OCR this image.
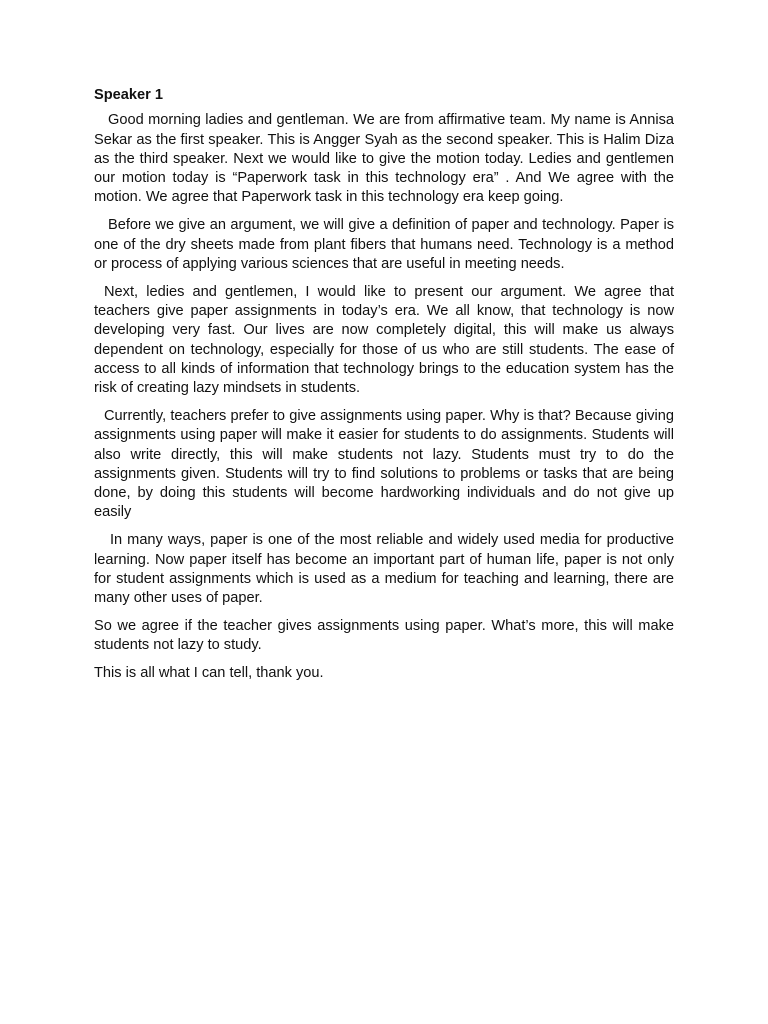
Speaker 1

Good morning ladies and gentleman. We are from affirmative team. My name is Annisa Sekar as the first speaker. This is Angger Syah as the second speaker. This is Halim Diza as the third speaker. Next we would like to give the motion today. Ledies and gentlemen our motion today is “Paperwork task in this technology era” . And We agree with the motion. We agree that Paperwork task in this technology era keep going.

Before we give an argument, we will give a definition of paper and technology. Paper is one of the dry sheets made from plant fibers that humans need. Technology is a method or process of applying various sciences that are useful in meeting needs.

Next, ledies and gentlemen, I would like to present our argument. We agree that teachers give paper assignments in today’s era. We all know, that technology is now developing very fast. Our lives are now completely digital, this will make us always dependent on technology, especially for those of us who are still students. The ease of access to all kinds of information that technology brings to the education system has the risk of creating lazy mindsets in students.

Currently, teachers prefer to give assignments using paper. Why is that? Because giving assignments using paper will make it easier for students to do assignments. Students will also write directly, this will make students not lazy. Students must try to do the assignments given. Students will try to find solutions to problems or tasks that are being done, by doing this students will become hardworking individuals and do not give up easily

In many ways, paper is one of the most reliable and widely used media for productive learning. Now paper itself has become an important part of human life, paper is not only for student assignments which is used as a medium for teaching and learning, there are many other uses of paper.

So we agree if the teacher gives assignments using paper. What’s more, this will make students not lazy to study.

This is all what I can tell, thank you.
